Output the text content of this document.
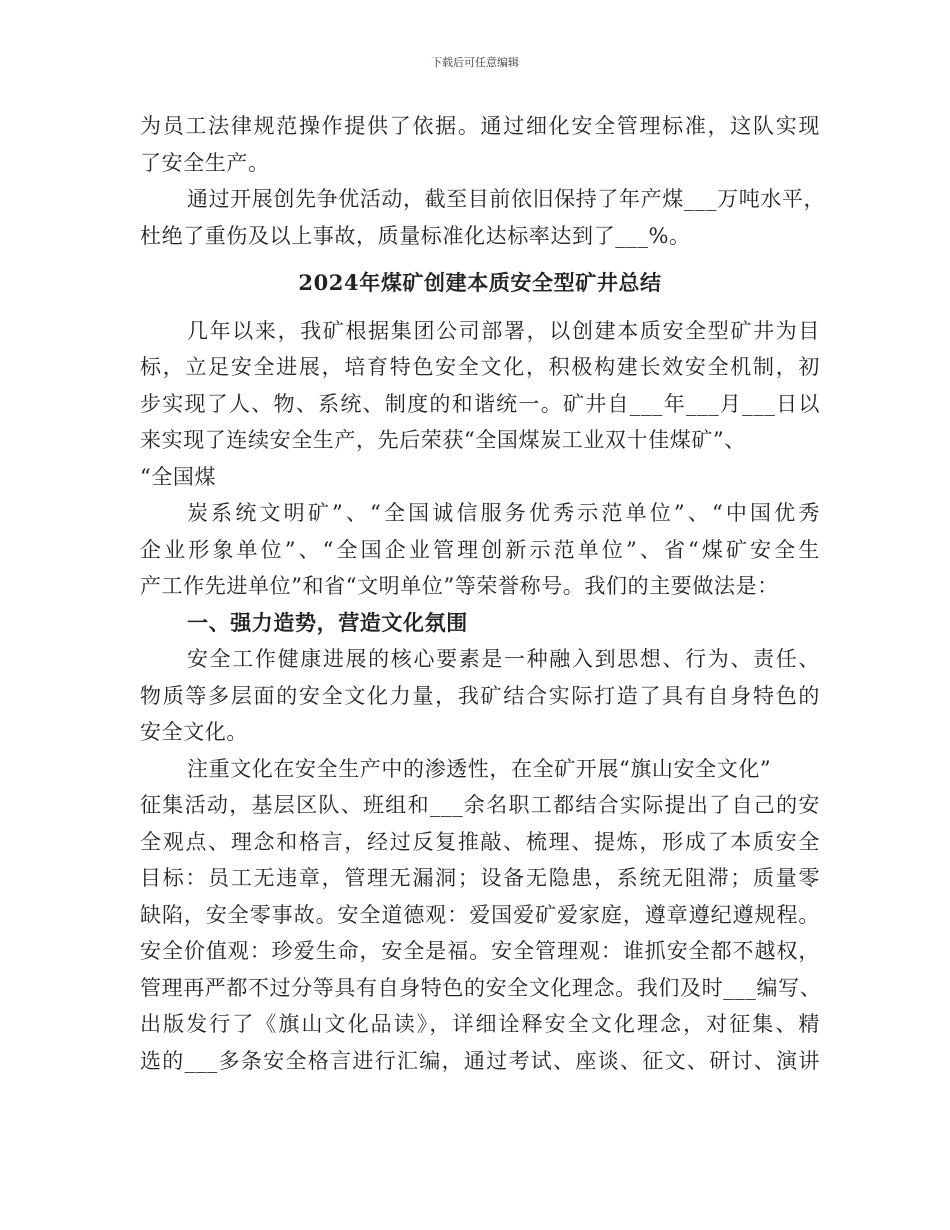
下载后可任意编辑
为员工法律规范操作提供了依据。通过细化安全管理标准，这队实现
了安全生产。
通过开展创先争优活动，截至目前依旧保持了年产煤___万吨水平，
杜绝了重伤及以上事故，质量标准化达标率达到了___%。
2024年煤矿创建本质安全型矿井总结
几年以来，我矿根据集团公司部署，以创建本质安全型矿井为目
标，立足安全进展，培育特色安全文化，积极构建长效安全机制，初
步实现了人、物、系统、制度的和谐统一。矿井自___年___月___日以
来实现了连续安全生产，先后荣获“全国煤炭工业双十佳煤矿”、
“全国煤
炭系统文明矿”、“全国诚信服务优秀示范单位”、“中国优秀
企业形象单位”、“全国企业管理创新示范单位”、省“煤矿安全生
产工作先进单位”和省“文明单位”等荣誉称号。我们的主要做法是：
一、强力造势，营造文化氛围
安全工作健康进展的核心要素是一种融入到思想、行为、责任、
物质等多层面的安全文化力量，我矿结合实际打造了具有自身特色的
安全文化。
注重文化在安全生产中的渗透性，在全矿开展“旗山安全文化”
征集活动，基层区队、班组和___余名职工都结合实际提出了自己的安
全观点、理念和格言，经过反复推敲、梳理、提炼，形成了本质安全
目标：员工无违章，管理无漏洞；设备无隐患，系统无阻滞；质量零
缺陷，安全零事故。安全道德观：爱国爱矿爱家庭，遵章遵纪遵规程。
安全价值观：珍爱生命，安全是福。安全管理观：谁抓安全都不越权，
管理再严都不过分等具有自身特色的安全文化理念。我们及时___编写、
出版发行了《旗山文化品读》，详细诠释安全文化理念，对征集、精
选的___多条安全格言进行汇编，通过考试、座谈、征文、研讨、演讲
